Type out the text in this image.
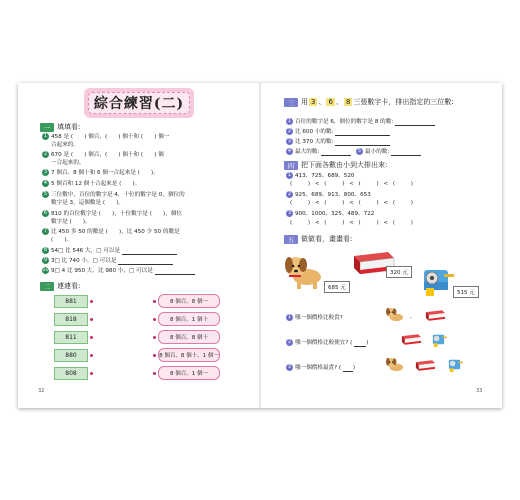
綜合練習(二)
一 填填看:
1 458 是 (　　) 個百、(　　) 個十和 (　　) 個一
合起來的。
2 670 是 (　　) 個百、(　　) 個十和 (　　) 個
一合起來的。
3 7 個百、8 個十和 6 個一合起來是 (　　)。
4 5 個百和 12 個十合起來是 (　　)。
5 三位數中，百位的數字是 4，十位的數字是 0，個位的
數字是 3，這個數是 (　　)。
6 810 的百位數字是 (　　)，十位數字是 (　　)，個位
數字是 (　　)。
7 比 450 多 50 的數是 (　　)，比 450 少 50 的數是
(　　)。
8 54□ 比 546 大，□ 可以是
9 3□ 比 740 小，□ 可以是
10 9□ 4 比 950 大，比 980 小，□ 可以是
二 連連看:
881
818
811
880
808
8 個百、8 個一
8 個百、1 個十
8 個百、8 個十
8 個百、8 個十、1 個一
8 個百、1 個一
32
三 用 3 、 6 、 8 三張數字卡，排出指定的三位數:
1 百位的數字是 6，個位的數字是 8 的數:
2 比 600 小的數:
3 比 370 大的數:
4 最大的數:	5 最小的數:
四 把下面各數由小到大排出來:
1 413、725、689、520
(　　) < (　　) < (　　) < (　　)
2 925、689、913、800、653
(　　) < (　　) < (　　) < (　　)
3 900、1000、325、489、722
(　　) < (　　) < (　　) < (　　)
五 做做看，畫畫看:
685 元
320 元
515 元
1 哪一個價格比較貴?	,
2 哪一個價格比較便宜? ( )
3 哪一個價格最貴? ( )
33
